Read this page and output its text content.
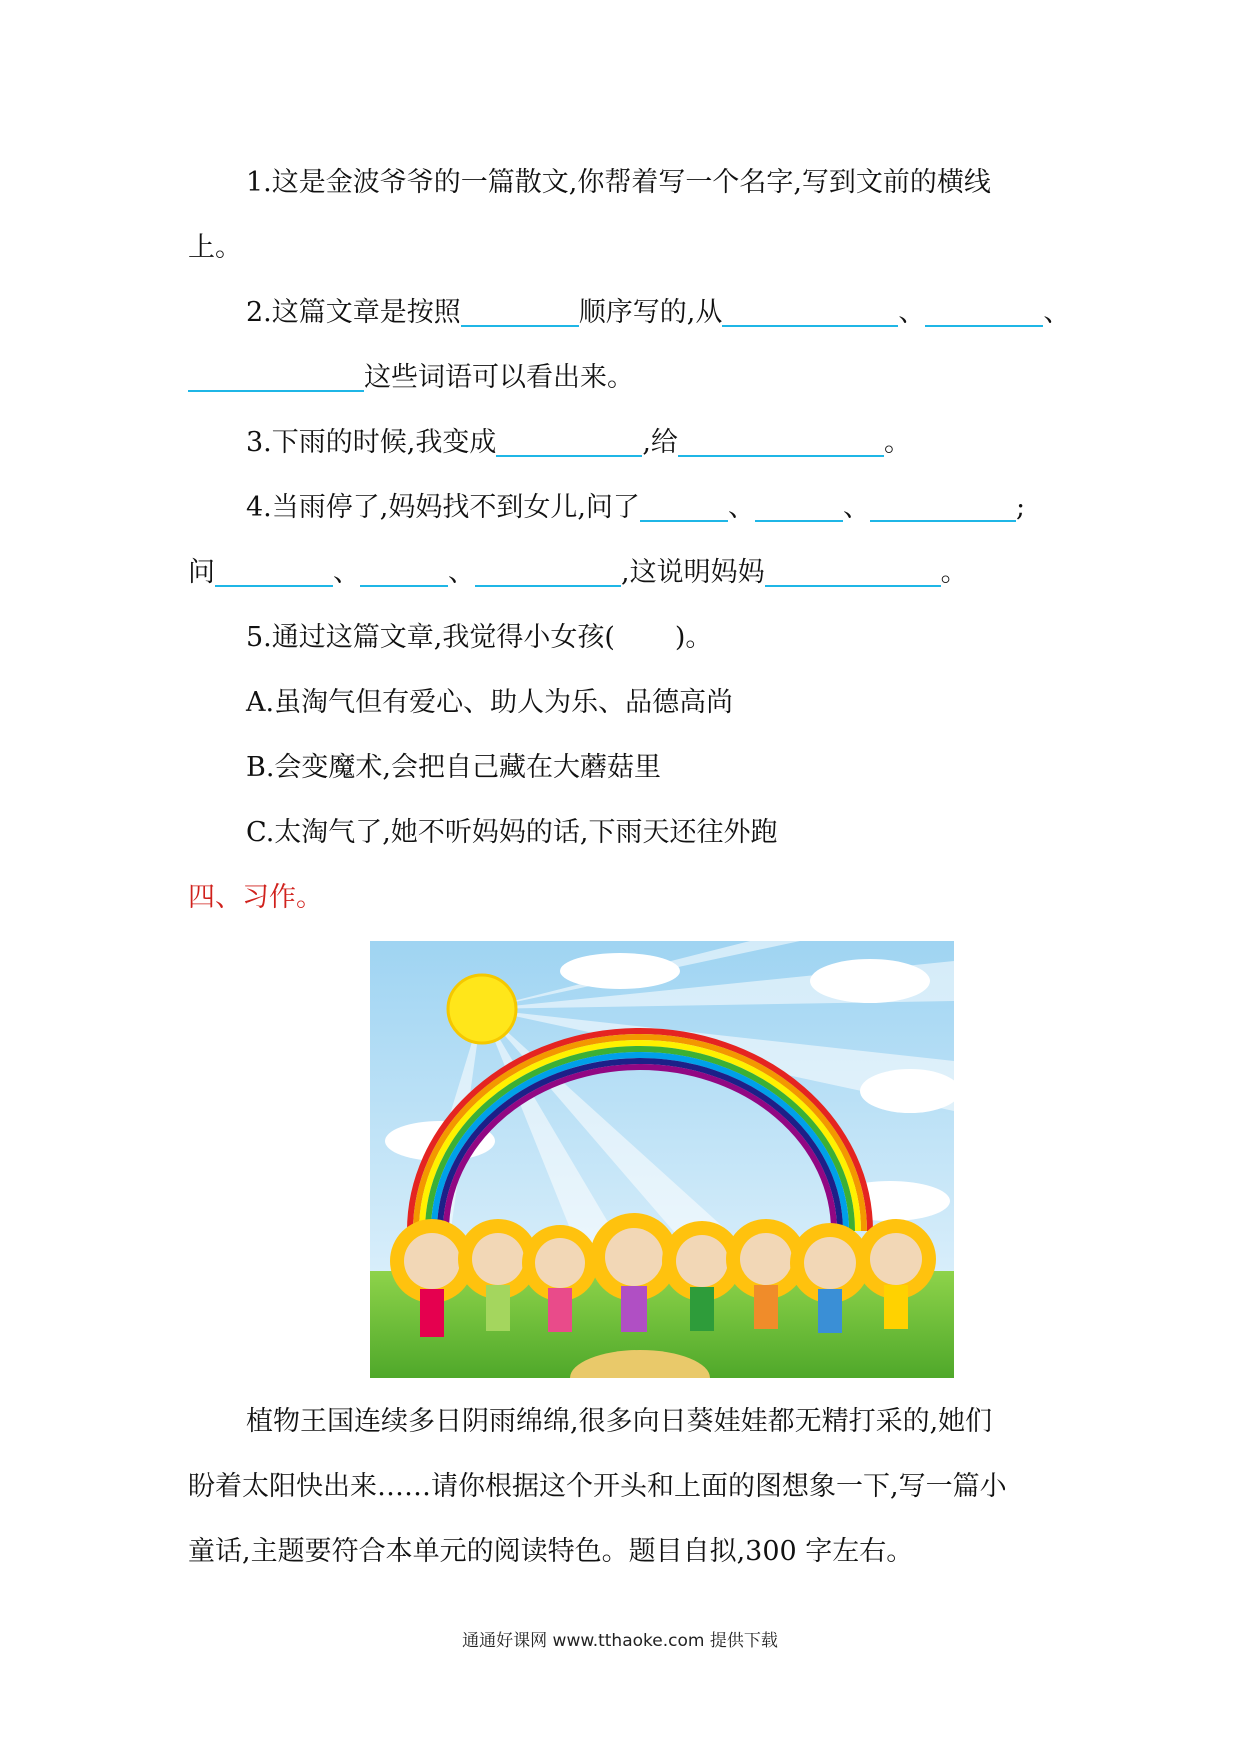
1.这是金波爷爷的一篇散文,你帮着写一个名字,写到文前的横线
上。
2.这篇文章是按照	顺序写的,从	、	、
这些词语可以看出来。
3.下雨的时候,我变成	,给	。
4.当雨停了,妈妈找不到女儿,问了	、	、	;
问	、	、	,这说明妈妈	。
5.通过这篇文章,我觉得小女孩( )。
A.虽淘气但有爱心、助人为乐、品德高尚
B.会变魔术,会把自己藏在大蘑菇里
C.太淘气了,她不听妈妈的话,下雨天还往外跑
四、习作。
植物王国连续多日阴雨绵绵,很多向日葵娃娃都无精打采的,她们
盼着太阳快出来……请你根据这个开头和上面的图想象一下,写一篇小
童话,主题要符合本单元的阅读特色。题目自拟,300 字左右。
通通好课网 www.tthaoke.com 提供下载
